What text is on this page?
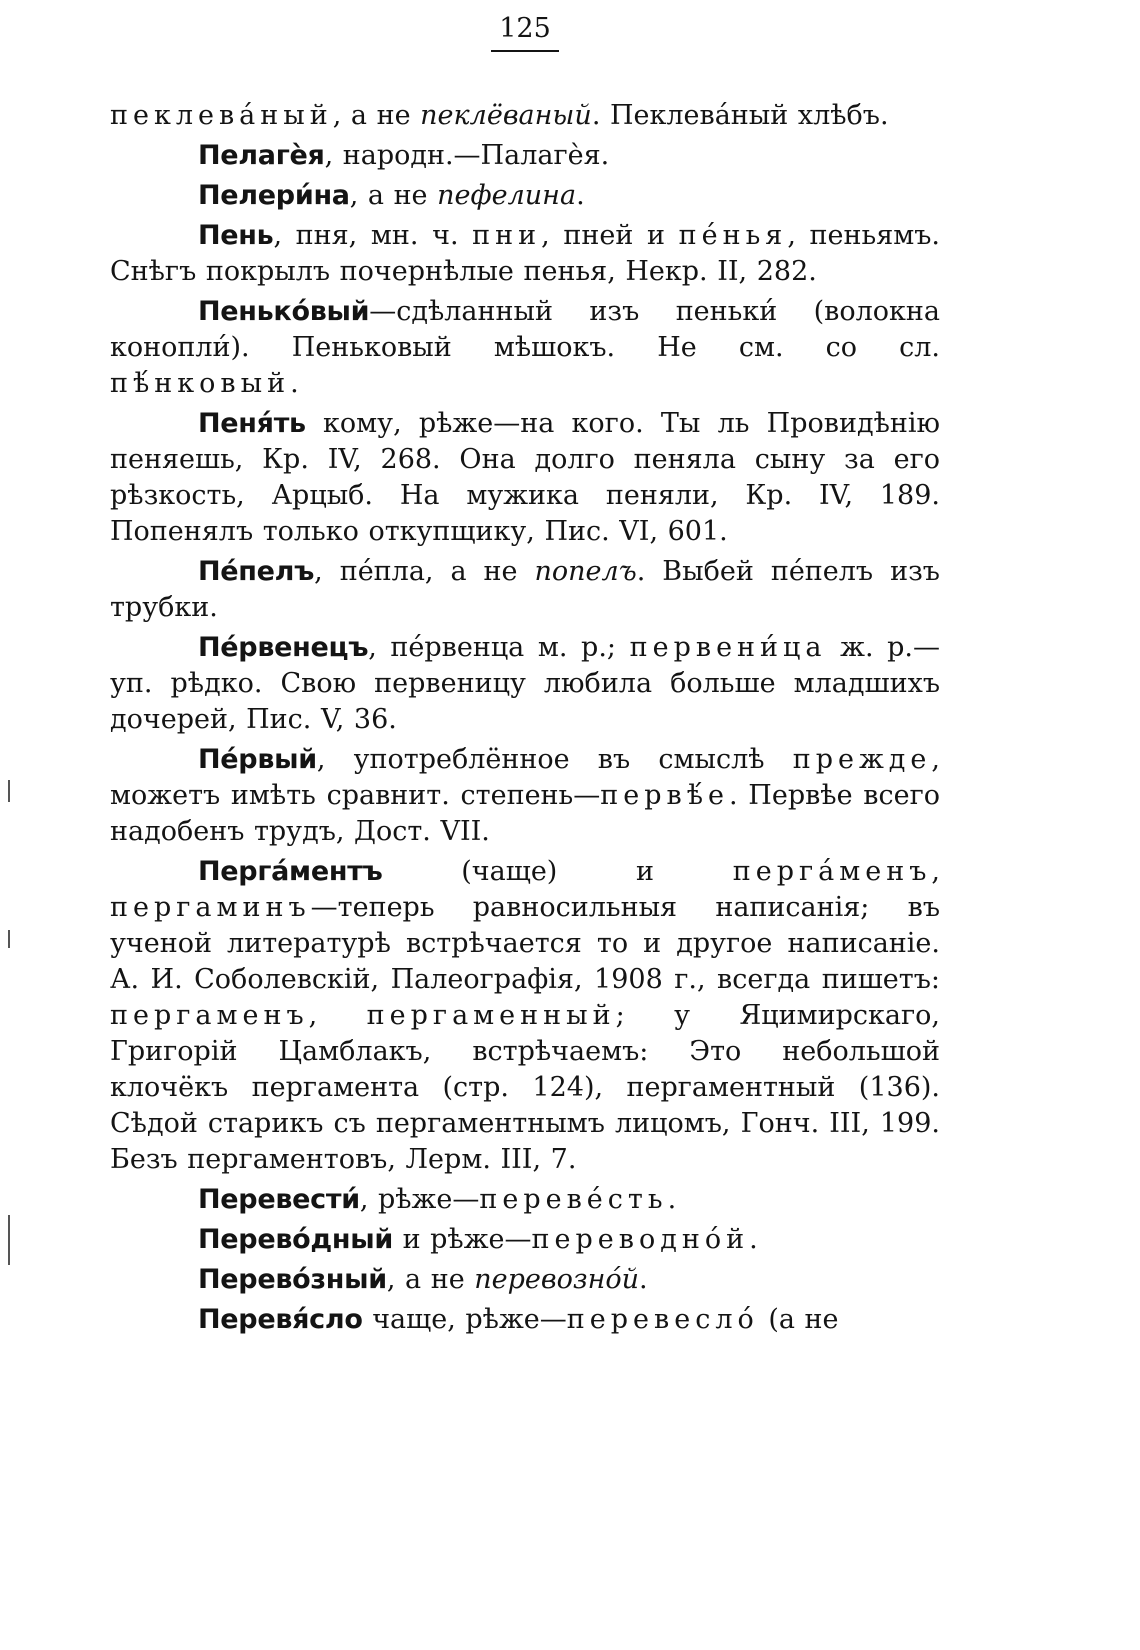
125

пеклева́ный, а не пеклёваный. Пеклева́ный хлѣбъ.

Пелагѐя, народн.—Палагѐя.

Пелери́на, а не пефелина.

Пень, пня, мн. ч. пни, пней и пе́нья, пеньямъ. Снѣгъ покрылъ почернѣлые пенья, Некр. II, 282.

Пенько́вый—сдѣланный изъ пеньки́ (волокна конопли́). Пеньковый мѣшокъ. Не см. со сл. пѣ́нковый.

Пеня́ть кому, рѣже—на кого. Ты ль Провидѣнію пеняешь, Кр. IV, 268. Она долго пеняла сыну за его рѣзкость, Арцыб. На мужика пеняли, Кр. IV, 189. Попенялъ только откупщику, Пис. VI, 601.

Пе́пелъ, пе́пла, а не попелъ. Выбей пе́пелъ изъ трубки.

Пе́рвенецъ, пе́рвенца м. р.; первени́ца ж. р.—уп. рѣдко. Свою первеницу любила больше младшихъ дочерей, Пис. V, 36.

Пе́рвый, употреблённое въ смыслѣ прежде, можетъ имѣть сравнит. степень—первѣ́е. Первѣе всего надобенъ трудъ, Дост. VII.

Перга́ментъ (чаще) и перга́менъ, пергаминъ—теперь равносильныя написанія; въ ученой литературѣ встрѣчается то и другое написаніе. А. И. Соболевскій, Палеографія, 1908 г., всегда пишетъ: пергаменъ, пергаменный; у Яцимирскаго, Григорій Цамблакъ, встрѣчаемъ: Это небольшой клочёкъ пергамента (стр. 124), пергаментный (136). Сѣдой старикъ съ пергаментнымъ лицомъ, Гонч. III, 199. Безъ пергаментовъ, Лерм. III, 7.

Перевести́, рѣже—переве́сть.

Перево́дный и рѣже—переводно́й.

Перево́зный, а не перевозно́й.

Перевя́сло чаще, рѣже—перевесло́ (а не
